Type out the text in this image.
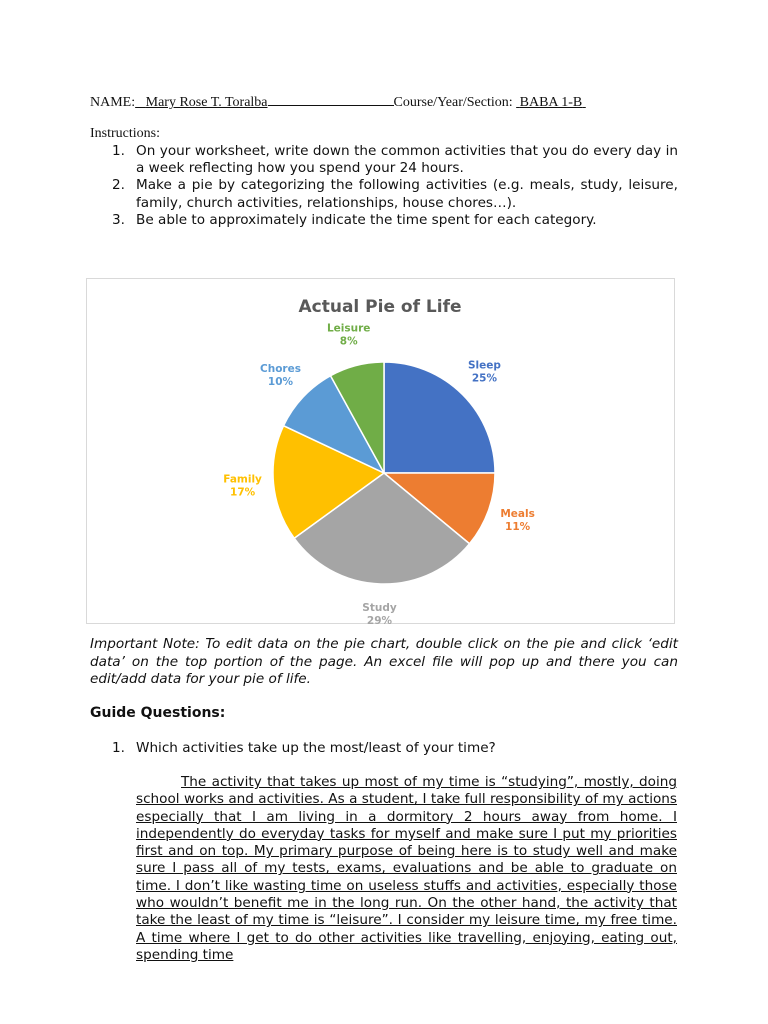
NAME: Mary Rose T. Toralba	Course/Year/Section: BABA 1-B
Instructions:

1. On your worksheet, write down the common activities that you do every day in a week reflecting how you spend your 24 hours.

2. Make a pie by categorizing the following activities (e.g. meals, study, leisure, family, church activities, relationships, house chores…).

3. Be able to approximately indicate the time spent for each category.

Actual Pie of Life
Sleep 25%
Meals 11%
Study 29%
Family 17%
Chores 10%
Leisure 8%
Important Note: To edit data on the pie chart, double click on the pie and click ‘edit data’ on the top portion of the page. An excel file will pop up and there you can edit/add data for your pie of life.
Guide Questions:
1. Which activities take up the most/least of your time?
The activity that takes up most of my time is “studying”, mostly, doing school works and activities. As a student, I take full responsibility of my actions especially that I am living in a dormitory 2 hours away from home. I independently do everyday tasks for myself and make sure I put my priorities first and on top. My primary purpose of being here is to study well and make sure I pass all of my tests, exams, evaluations and be able to graduate on time. I don’t like wasting time on useless stuffs and activities, especially those who wouldn’t benefit me in the long run. On the other hand, the activity that take the least of my time is “leisure”. I consider my leisure time, my free time. A time where I get to do other activities like travelling, enjoying, eating out, spending time
